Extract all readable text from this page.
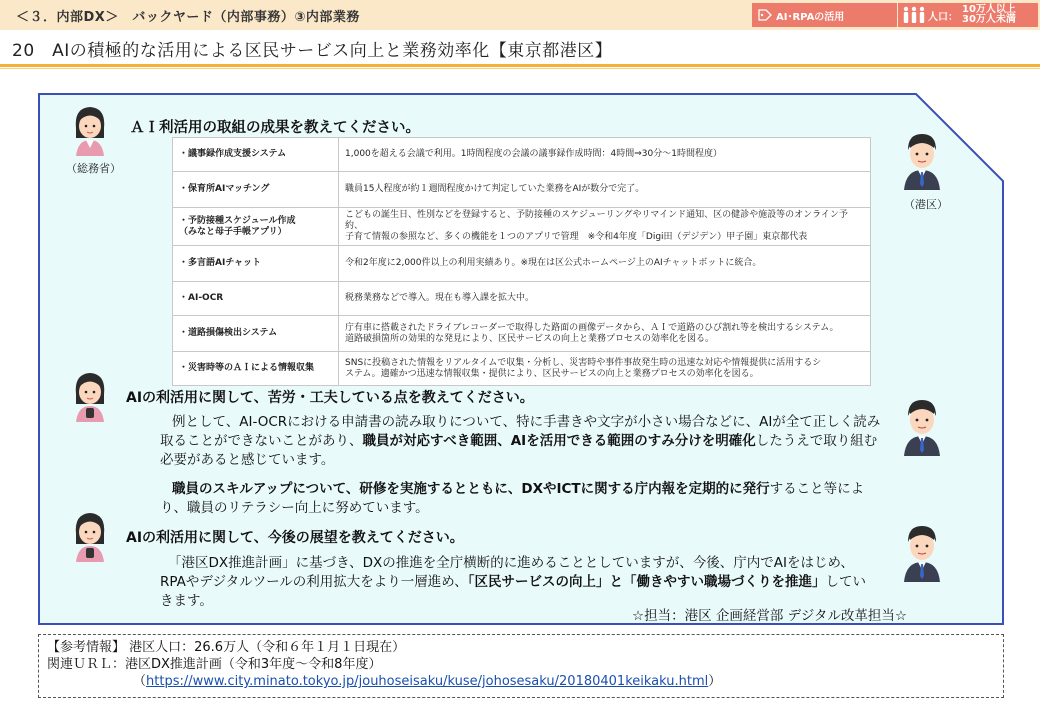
＜３．内部DX＞　バックヤード（内部事務）③内部業務	AI･RPAの活用	人口：
10万人以上
30万人未満
20　AIの積極的な活用による区民サービス向上と業務効率化【東京都港区】
（総務省）
（港区）
ＡＩ利活用の取組の成果を教えてください。
・議事録作成支援システム	1,000を超える会議で利用。1時間程度の会議の議事録作成時間：4時間⇒30分～1時間程度）
・保育所AIマッチング	職員15人程度が約１週間程度かけて判定していた業務をAIが数分で完了。
・予防接種スケジュール作成
（みなと母子手帳アプリ）	こどもの誕生日、性別などを登録すると、予防接種のスケジューリングやリマインド通知、区の健診や施設等のオンライン予約、
子育て情報の参照など、多くの機能を１つのアプリで管理　※令和4年度「Digi田（デジデン）甲子園」東京都代表
・多言語AIチャット	令和2年度に2,000件以上の利用実績あり。※現在は区公式ホームページ上のAIチャットボットに統合。
・AI-OCR	税務業務などで導入。現在も導入課を拡大中。
・道路損傷検出システム	庁有車に搭載されたドライブレコーダーで取得した路面の画像データから、ＡＩで道路のひび割れ等を検出するシステム。
道路破損箇所の効果的な発見により、区民サービスの向上と業務プロセスの効率化を図る。
・災害時等のＡＩによる情報収集	SNSに投稿された情報をリアルタイムで収集・分析し、災害時や事件事故発生時の迅速な対応や情報提供に活用するシ
ステム。適確かつ迅速な情報収集・提供により、区民サービスの向上と業務プロセスの効率化を図る。
AIの利活用に関して、苦労・工夫している点を教えてください。
例として、AI-OCRにおける申請書の読み取りについて、特に手書きや文字が小さい場合などに、AIが全て正しく読み取ることができないことがあり、職員が対応すべき範囲、AIを活用できる範囲のすみ分けを明確化したうえで取り組む必要があると感じています。
職員のスキルアップについて、研修を実施するとともに、DXやICTに関する庁内報を定期的に発行すること等により、職員のリテラシー向上に努めています。
AIの利活用に関して、今後の展望を教えてください。
「港区DX推進計画」に基づき、DXの推進を全庁横断的に進めることとしていますが、今後、庁内でAIをはじめ、RPAやデジタルツールの利用拡大をより一層進め、「区民サービスの向上」と「働きやすい職場づくりを推進」していきます。
☆担当：港区 企画経営部 デジタル改革担当☆
【参考情報】 港区人口：26.6万人（令和６年１月１日現在）
関連ＵＲＬ：港区DX推進計画（令和3年度～令和8年度）
（https://www.city.minato.tokyo.jp/jouhoseisaku/kuse/johosesaku/20180401keikaku.html）
